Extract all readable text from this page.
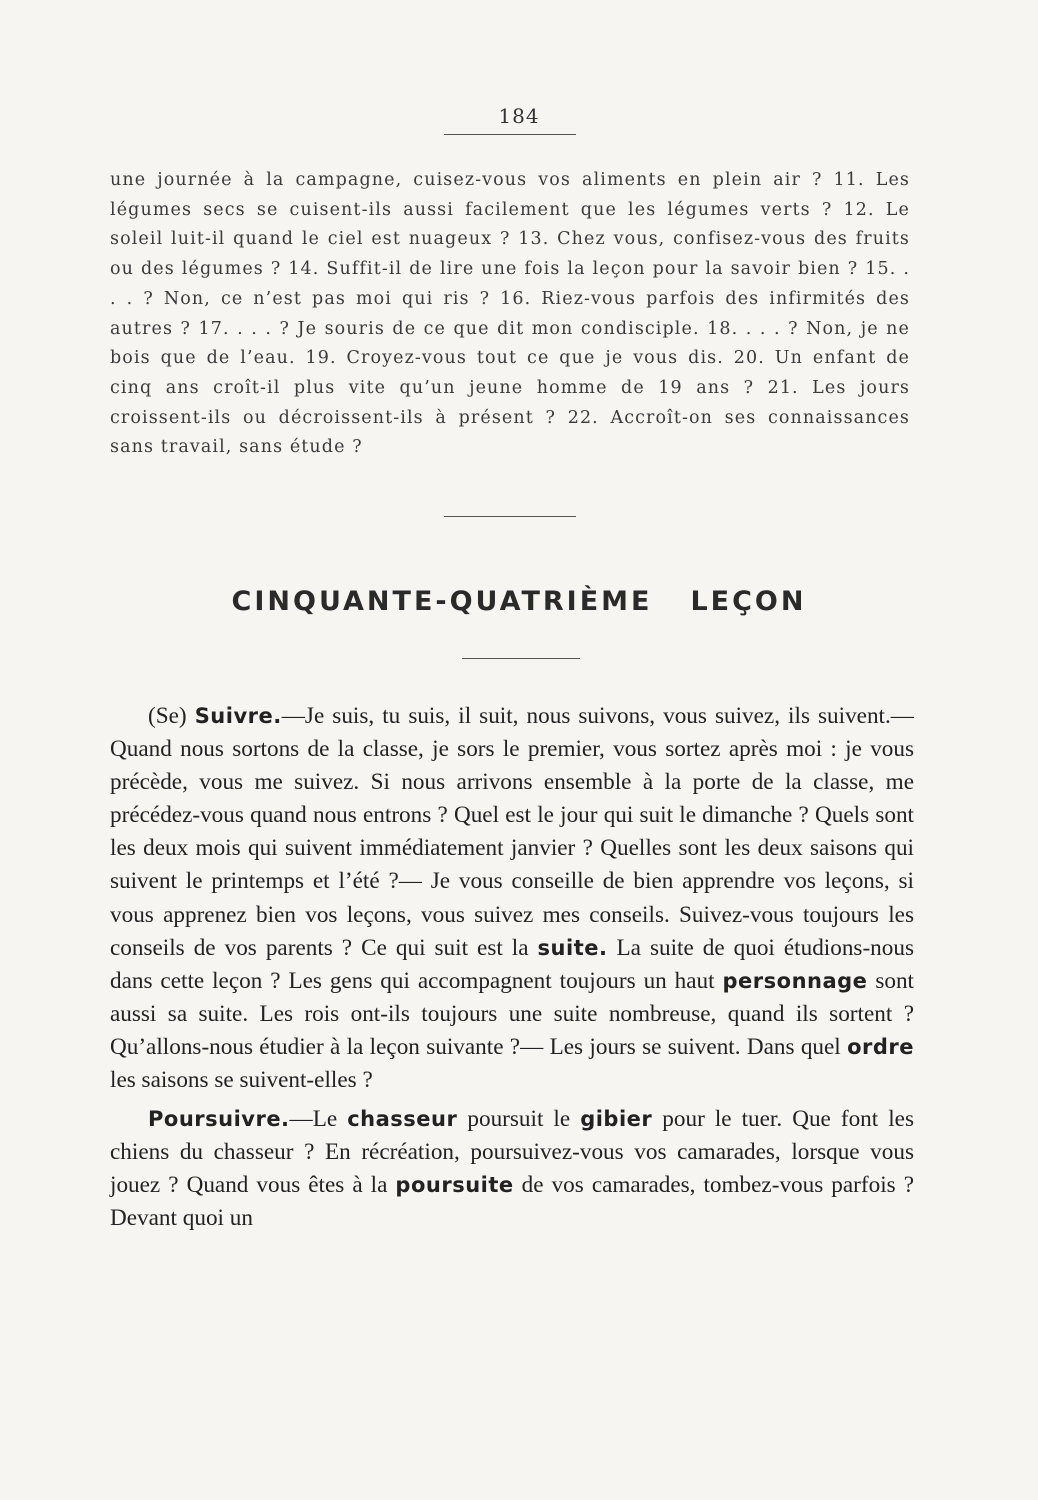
184

une journée à la campagne, cuisez-vous vos aliments en plein air ? 11. Les légumes secs se cuisent-ils aussi facilement que les légumes verts ? 12. Le soleil luit-il quand le ciel est nuageux ? 13. Chez vous, confisez-vous des fruits ou des légumes ? 14. Suffit-il de lire une fois la leçon pour la savoir bien ? 15. . . . ? Non, ce n’est pas moi qui ris ? 16. Riez-vous parfois des infirmités des autres ? 17. . . . ? Je souris de ce que dit mon condisciple. 18. . . . ? Non, je ne bois que de l’eau. 19. Croyez-vous tout ce que je vous dis. 20. Un enfant de cinq ans croît-il plus vite qu’un jeune homme de 19 ans ? 21. Les jours croissent-ils ou décroissent-ils à présent ? 22. Accroît-on ses connaissances sans travail, sans étude ?

CINQUANTE-QUATRIÈME LEÇON

(Se) Suivre.—Je suis, tu suis, il suit, nous suivons, vous suivez, ils suivent.— Quand nous sortons de la classe, je sors le premier, vous sortez après moi : je vous précède, vous me suivez. Si nous arrivons ensemble à la porte de la classe, me précédez-vous quand nous entrons ? Quel est le jour qui suit le dimanche ? Quels sont les deux mois qui suivent immédiatement janvier ? Quelles sont les deux saisons qui suivent le printemps et l’été ?— Je vous conseille de bien apprendre vos leçons, si vous apprenez bien vos leçons, vous suivez mes conseils. Suivez-vous toujours les conseils de vos parents ? Ce qui suit est la suite. La suite de quoi étudions-nous dans cette leçon ? Les gens qui accompagnent toujours un haut personnage sont aussi sa suite. Les rois ont-ils toujours une suite nombreuse, quand ils sortent ? Qu’allons-nous étudier à la leçon suivante ?— Les jours se suivent. Dans quel ordre les saisons se suivent-elles ?

Poursuivre.—Le chasseur poursuit le gibier pour le tuer. Que font les chiens du chasseur ? En récréation, poursuivez-vous vos camarades, lorsque vous jouez ? Quand vous êtes à la poursuite de vos camarades, tombez-vous parfois ? Devant quoi un
